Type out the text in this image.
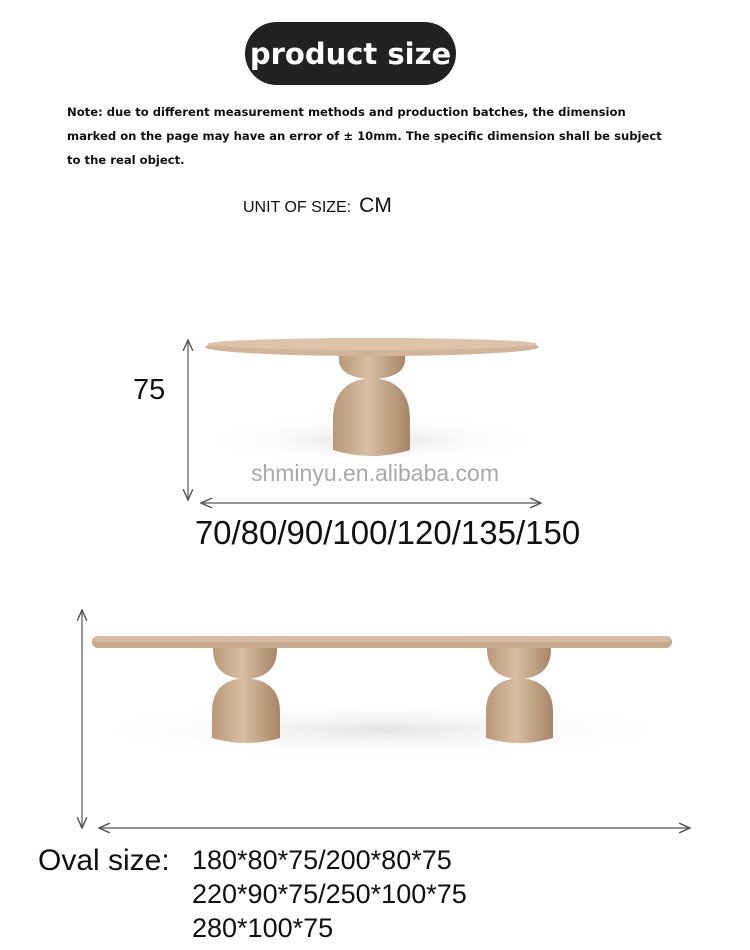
product size
Note: due to different measurement methods and production batches, the dimension
marked on the page may have an error of ± 10mm. The specific dimension shall be subject
to the real object.
UNIT OF SIZE: CM
75
shminyu.en.alibaba.com
70/80/90/100/120/135/150
Oval size: 180*80*75/200*80*75
220*90*75/250*100*75
280*100*75
